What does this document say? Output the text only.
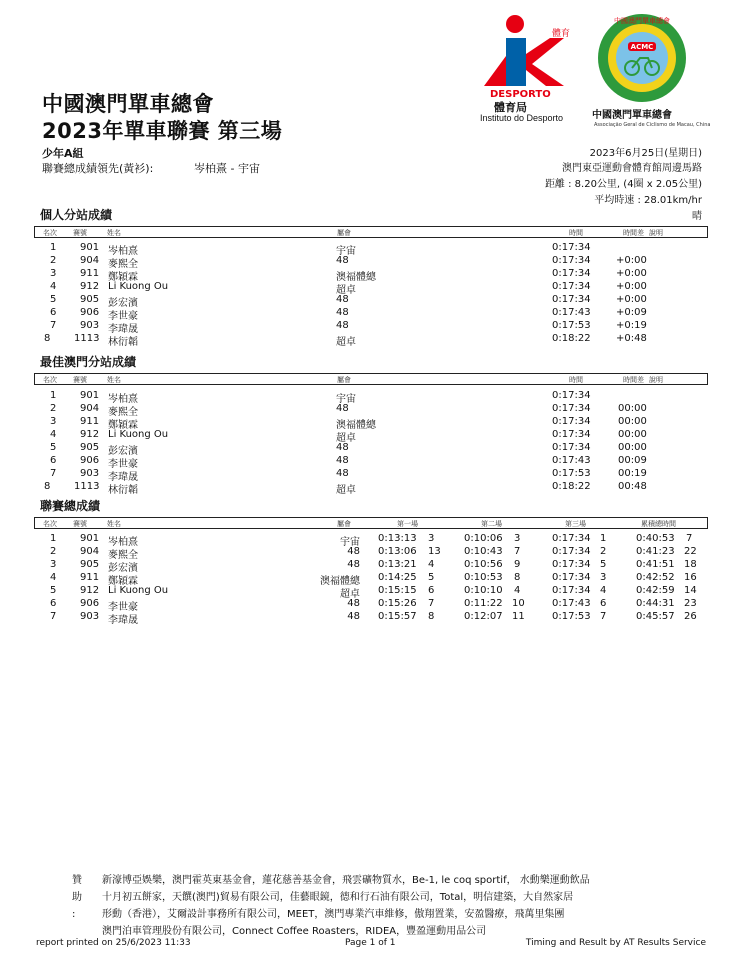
中國澳門單車總會
2023年單車聯賽 第三場
體育
DESPORTO
體育局
Instituto do Desporto
ACMC
中國澳門單車總會
中國澳門單車總會
Associação Geral de Ciclismo de Macau, China
少年A組
聯賽總成績領先(黃衫):	岑柏熹 - 宇宙
2023年6月25日(星期日)
澳門東亞運動會體育館周邊馬路
距離 : 8.20公里, (4圈 x 2.05公里)
平均時速 : 28.01km/hr
晴
個人分站成績
名次 賽號	姓名	屬會	時間	時間差 說明
1 901 岑柏熹	宇宙	0:17:34
2 904 麥熙全	48	0:17:34	+0:00
3 911 鄭穎霖	澳福體總	0:17:34	+0:00
4 912 Li Kuong Ou	超卓	0:17:34	+0:00
5 905 彭宏濱	48	0:17:34	+0:00
6 906 李世豪	48	0:17:43	+0:09
7 903 李瑋晟	48	0:17:53	+0:19
8 1113 林衍韜	超卓	0:18:22	+0:48
最佳澳門分站成績
名次 賽號	姓名	屬會	時間	時間差 說明
1 901 岑柏熹	宇宙	0:17:34
2 904 麥熙全	48	0:17:34	00:00
3 911 鄭穎霖	澳福體總	0:17:34	00:00
4 912 Li Kuong Ou	超卓	0:17:34	00:00
5 905 彭宏濱	48	0:17:34	00:00
6 906 李世豪	48	0:17:43	00:09
7 903 李瑋晟	48	0:17:53	00:19
8 1113 林衍韜	超卓	0:18:22	00:48
聯賽總成績
名次 賽號	姓名	屬會	第一場	第二場	第三場	累積總時間
1 901 岑柏熹	宇宙 0:13:13 3	0:10:06 3	0:17:34 1	0:40:53 7
2 904 麥熙全	48 0:13:06 13 0:10:43 7	0:17:34 2	0:41:23 22
3 905 彭宏濱	48 0:13:21 4	0:10:56 9	0:17:34 5	0:41:51 18
4 911 鄭穎霖	澳福體總 0:14:25 5	0:10:53 8	0:17:34 3	0:42:52 16
5 912 Li Kuong Ou	超卓 0:15:15 6	0:10:10 4	0:17:34 4	0:42:59 14
6 906 李世豪	48 0:15:26 7	0:11:22 10	0:17:43 6	0:44:31 23
7 903 李瑋晟	48 0:15:57 8	0:12:07 11	0:17:53 7	0:45:57 26
贊助 :
新濠博亞娛樂，澳門霍英東基金會，蓮花慈善基金會，飛雲礦物質水，Be-1, le coq sportif， 水動樂運動飲品
十月初五餅家，天饌(澳門)貿易有限公司，佳藝眼鏡，德和行石油有限公司，Total，明信建築，大自然家居
形動（香港），艾爾設計事務所有限公司，MEET，澳門專業汽車維修，傲翔置業，安盈醫療，飛萬里集團
澳門泊車管理股份有限公司，Connect Coffee Roasters，RIDEA，豐盈運動用品公司
report printed on 25/6/2023 11:33	Page 1 of 1	Timing and Result by AT Results Service
